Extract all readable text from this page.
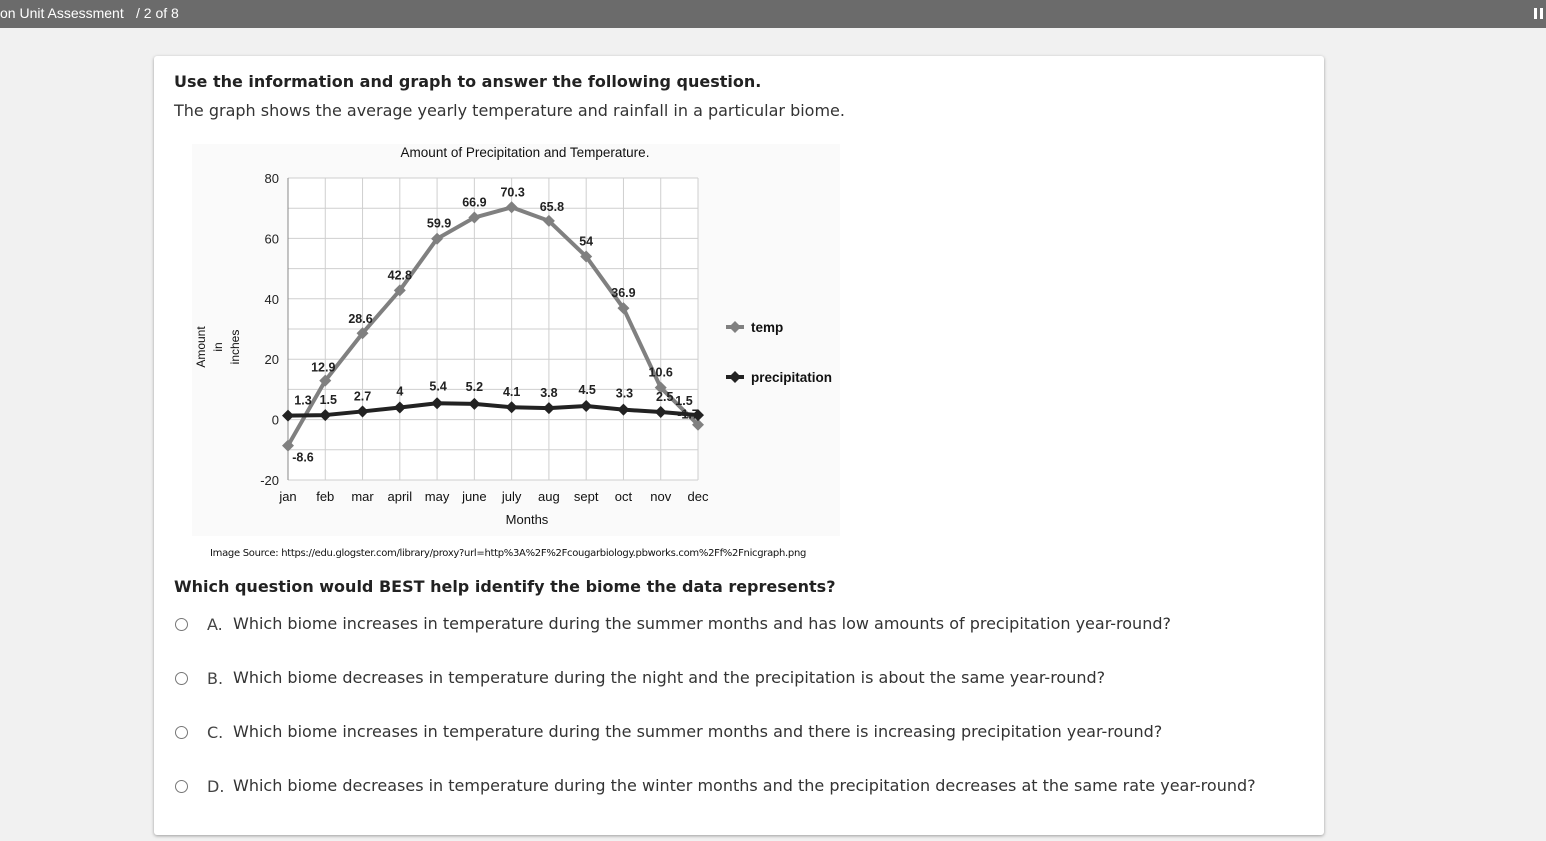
on Unit Assessment / 2 of 8
Use the information and graph to answer the following question.
The graph shows the average yearly temperature and rainfall in a particular biome.
Amount of Precipitation and Temperature.
-20
0
20
40
60
80
jan feb mar april may june july aug sept oct nov dec
-8.6
12.9
28.6
42.8
59.9
66.9
70.3
65.8
54
36.9
10.6
-1.7
1.3 1.5 2.7 4 5.4 5.2 4.1 3.8 4.5 3.3 2.5 1.5
Months
Amount in inches
temp
precipitation
Image Source: https://edu.glogster.com/library/proxy?url=http%3A%2F%2Fcougarbiology.pbworks.com%2Ff%2Fnicgraph.png
Which question would BEST help identify the biome the data represents?
A. Which biome increases in temperature during the summer months and has low amounts of precipitation year-round?
B. Which biome decreases in temperature during the night and the precipitation is about the same year-round?
C. Which biome increases in temperature during the summer months and there is increasing precipitation year-round?
D. Which biome decreases in temperature during the winter months and the precipitation decreases at the same rate year-round?
